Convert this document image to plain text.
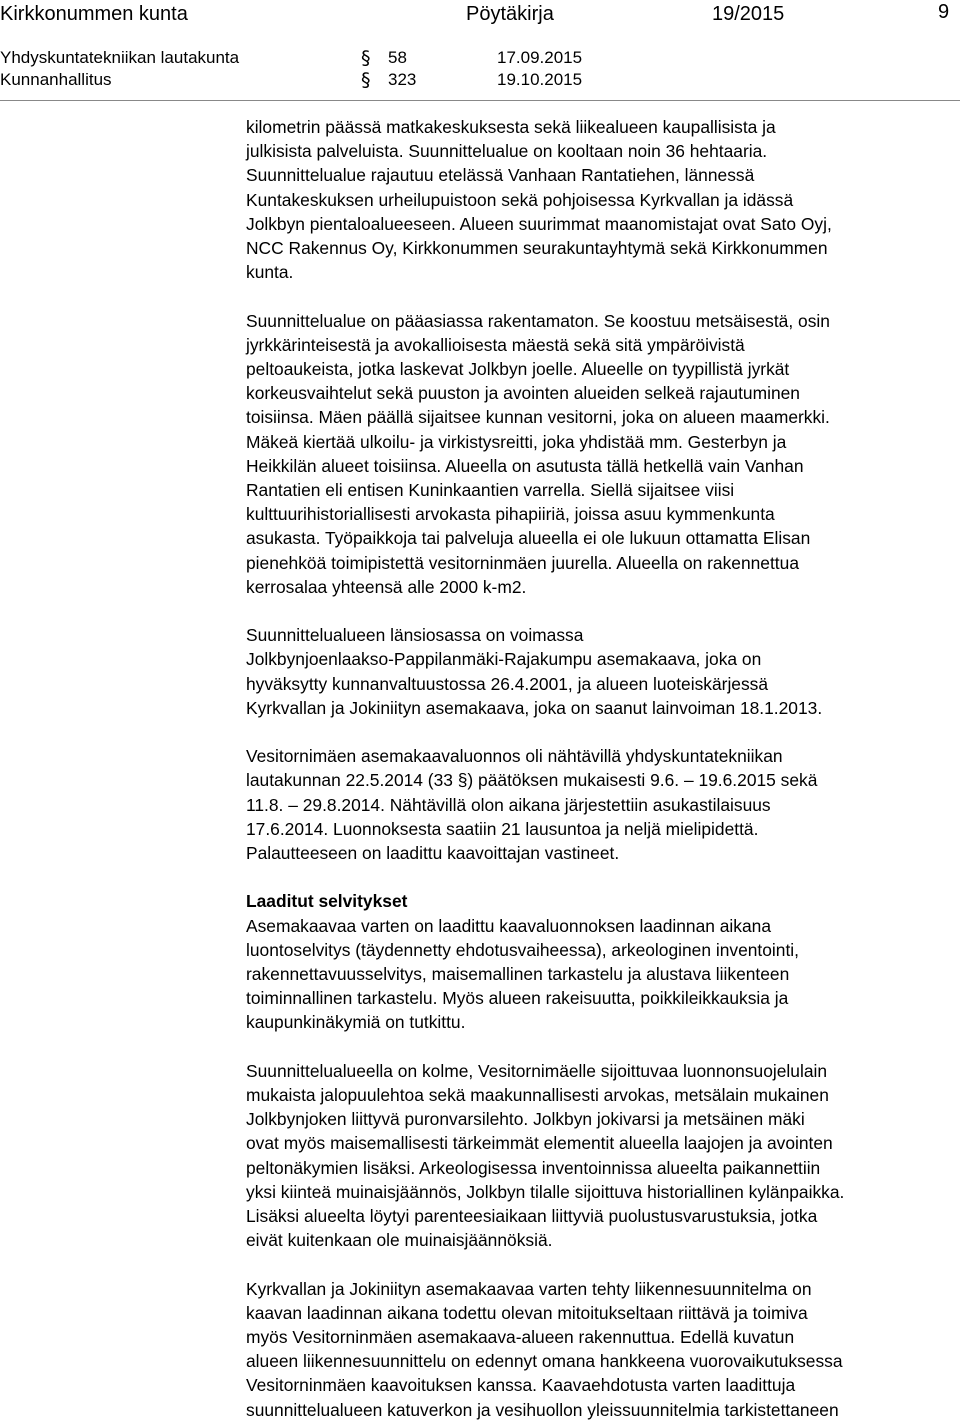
Kirkkonummen kunta	Pöytäkirja	19/2015	9
Yhdyskuntatekniikan lautakunta	§ 58	17.09.2015
Kunnanhallitus	§ 323	19.10.2015

kilometrin päässä matkakeskuksesta sekä liikealueen kaupallisista ja

julkisista palveluista. Suunnittelualue on kooltaan noin 36 hehtaaria.

Suunnittelualue rajautuu etelässä Vanhaan Rantatiehen, lännessä

Kuntakeskuksen urheilupuistoon sekä pohjoisessa Kyrkvallan ja idässä

Jolkbyn pientaloalueeseen. Alueen suurimmat maanomistajat ovat Sato Oyj,

NCC Rakennus Oy, Kirkkonummen seurakuntayhtymä sekä Kirkkonummen

kunta.

Suunnittelualue on pääasiassa rakentamaton. Se koostuu metsäisestä, osin

jyrkkärinteisestä ja avokallioisesta mäestä sekä sitä ympäröivistä

peltoaukeista, jotka laskevat Jolkbyn joelle. Alueelle on tyypillistä jyrkät

korkeusvaihtelut sekä puuston ja avointen alueiden selkeä rajautuminen

toisiinsa. Mäen päällä sijaitsee kunnan vesitorni, joka on alueen maamerkki.

Mäkeä kiertää ulkoilu- ja virkistysreitti, joka yhdistää mm. Gesterbyn ja

Heikkilän alueet toisiinsa. Alueella on asutusta tällä hetkellä vain Vanhan

Rantatien eli entisen Kuninkaantien varrella. Siellä sijaitsee viisi

kulttuurihistoriallisesti arvokasta pihapiiriä, joissa asuu kymmenkunta

asukasta. Työpaikkoja tai palveluja alueella ei ole lukuun ottamatta Elisan

pienehköä toimipistettä vesitorninmäen juurella. Alueella on rakennettua

kerrosalaa yhteensä alle 2000 k-m2.

Suunnittelualueen länsiosassa on voimassa

Jolkbynjoenlaakso-Pappilanmäki-Rajakumpu asemakaava, joka on

hyväksytty kunnanvaltuustossa 26.4.2001, ja alueen luoteiskärjessä

Kyrkvallan ja Jokiniityn asemakaava, joka on saanut lainvoiman 18.1.2013.

Vesitornimäen asemakaavaluonnos oli nähtävillä yhdyskuntatekniikan

lautakunnan 22.5.2014 (33 §) päätöksen mukaisesti 9.6. – 19.6.2015 sekä

11.8. – 29.8.2014. Nähtävillä olon aikana järjestettiin asukastilaisuus

17.6.2014. Luonnoksesta saatiin 21 lausuntoa ja neljä mielipidettä.

Palautteeseen on laadittu kaavoittajan vastineet.

Laaditut selvitykset

Asemakaavaa varten on laadittu kaavaluonnoksen laadinnan aikana

luontoselvitys (täydennetty ehdotusvaiheessa), arkeologinen inventointi,

rakennettavuusselvitys, maisemallinen tarkastelu ja alustava liikenteen

toiminnallinen tarkastelu. Myös alueen rakeisuutta, poikkileikkauksia ja

kaupunkinäkymiä on tutkittu.

Suunnittelualueella on kolme, Vesitornimäelle sijoittuvaa luonnonsuojelulain

mukaista jalopuulehtoa sekä maakunnallisesti arvokas, metsälain mukainen

Jolkbynjoken liittyvä puronvarsilehto. Jolkbyn jokivarsi ja metsäinen mäki

ovat myös maisemallisesti tärkeimmät elementit alueella laajojen ja avointen

peltonäkymien lisäksi. Arkeologisessa inventoinnissa alueelta paikannettiin

yksi kiinteä muinaisjäännös, Jolkbyn tilalle sijoittuva historiallinen kylänpaikka.

Lisäksi alueelta löytyi parenteesiaikaan liittyviä puolustusvarustuksia, jotka

eivät kuitenkaan ole muinaisjäännöksiä.

Kyrkvallan ja Jokiniityn asemakaavaa varten tehty liikennesuunnitelma on

kaavan laadinnan aikana todettu olevan mitoitukseltaan riittävä ja toimiva

myös Vesitorninmäen asemakaava-alueen rakennuttua. Edellä kuvatun

alueen liikennesuunnittelu on edennyt omana hankkeena vuorovaikutuksessa

Vesitorninmäen kaavoituksen kanssa. Kaavaehdotusta varten laadittuja

suunnittelualueen katuverkon ja vesihuollon yleissuunnitelmia tarkistettaneen
